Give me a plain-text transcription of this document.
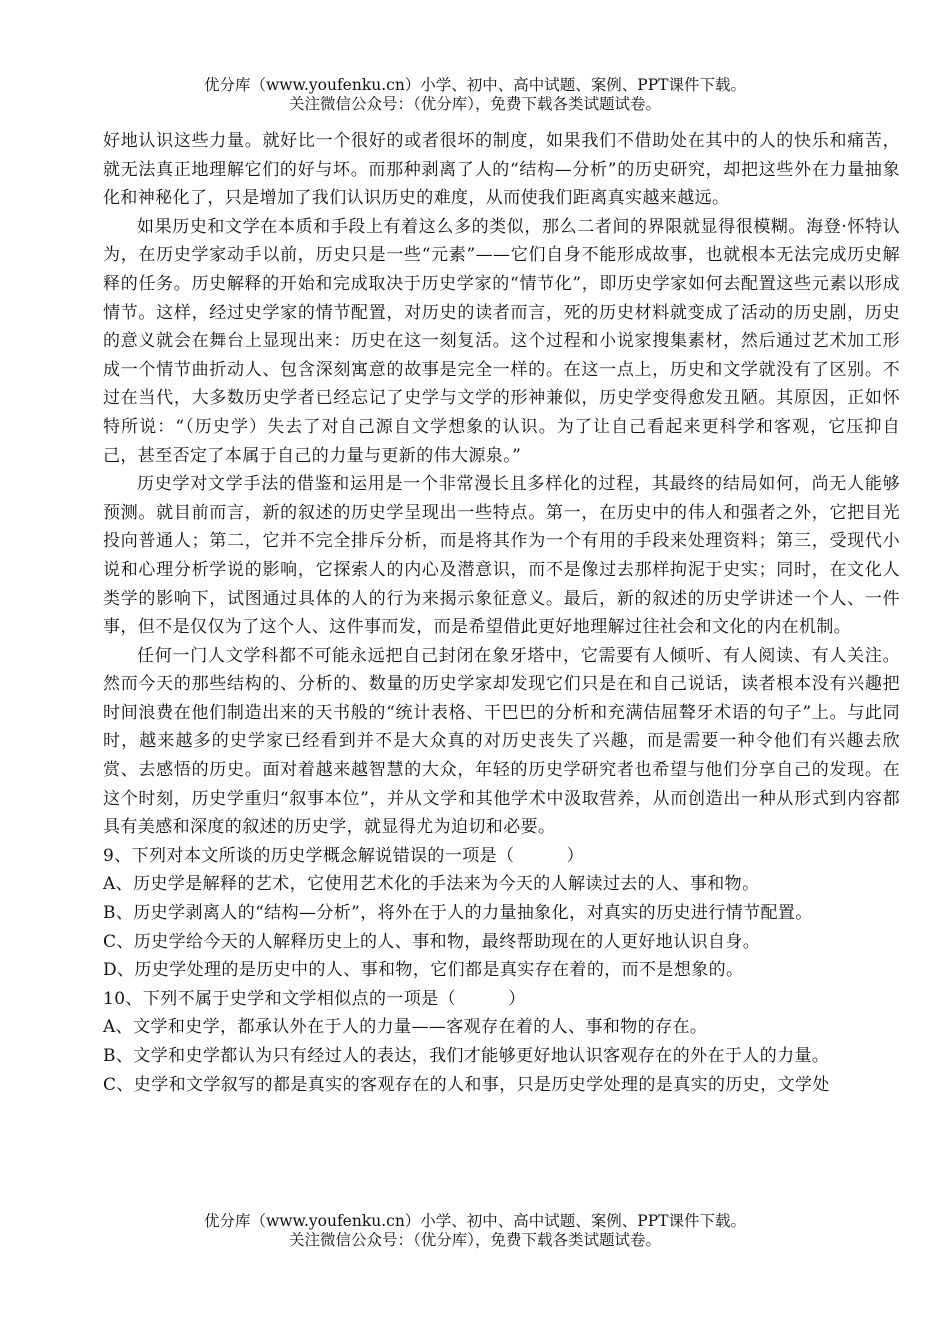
优分库（www.youfenku.cn）小学、初中、高中试题、案例、PPT课件下载。
关注微信公众号：（优分库），免费下载各类试题试卷。

好地认识这些力量。就好比一个很好的或者很坏的制度，如果我们不借助处在其中的人的快乐和痛苦，就无法真正地理解它们的好与坏。而那种剥离了人的“结构—分析”的历史研究，却把这些外在力量抽象化和神秘化了，只是增加了我们认识历史的难度，从而使我们距离真实越来越远。

如果历史和文学在本质和手段上有着这么多的类似，那么二者间的界限就显得很模糊。海登·怀特认为，在历史学家动手以前，历史只是一些“元素”——它们自身不能形成故事，也就根本无法完成历史解释的任务。历史解释的开始和完成取决于历史学家的“情节化”，即历史学家如何去配置这些元素以形成情节。这样，经过史学家的情节配置，对历史的读者而言，死的历史材料就变成了活动的历史剧，历史的意义就会在舞台上显现出来：历史在这一刻复活。这个过程和小说家搜集素材，然后通过艺术加工形成一个情节曲折动人、包含深刻寓意的故事是完全一样的。在这一点上，历史和文学就没有了区别。不过在当代，大多数历史学者已经忘记了史学与文学的形神兼似，历史学变得愈发丑陋。其原因，正如怀特所说：“（历史学）失去了对自己源自文学想象的认识。为了让自己看起来更科学和客观，它压抑自己，甚至否定了本属于自己的力量与更新的伟大源泉。”

历史学对文学手法的借鉴和运用是一个非常漫长且多样化的过程，其最终的结局如何，尚无人能够预测。就目前而言，新的叙述的历史学呈现出一些特点。第一，在历史中的伟人和强者之外，它把目光投向普通人；第二，它并不完全排斥分析，而是将其作为一个有用的手段来处理资料；第三，受现代小说和心理分析学说的影响，它探索人的内心及潜意识，而不是像过去那样拘泥于史实；同时，在文化人类学的影响下，试图通过具体的人的行为来揭示象征意义。最后，新的叙述的历史学讲述一个人、一件事，但不是仅仅为了这个人、这件事而发，而是希望借此更好地理解过往社会和文化的内在机制。

任何一门人文学科都不可能永远把自己封闭在象牙塔中，它需要有人倾听、有人阅读、有人关注。然而今天的那些结构的、分析的、数量的历史学家却发现它们只是在和自己说话，读者根本没有兴趣把时间浪费在他们制造出来的天书般的“统计表格、干巴巴的分析和充满佶屈聱牙术语的句子”上。与此同时，越来越多的史学家已经看到并不是大众真的对历史丧失了兴趣，而是需要一种令他们有兴趣去欣赏、去感悟的历史。面对着越来越智慧的大众，年轻的历史学研究者也希望与他们分享自己的发现。在这个时刻，历史学重归“叙事本位”，并从文学和其他学术中汲取营养，从而创造出一种从形式到内容都具有美感和深度的叙述的历史学，就显得尤为迫切和必要。

9、下列对本文所谈的历史学概念解说错误的一项是（　　　）

A、历史学是解释的艺术，它使用艺术化的手法来为今天的人解读过去的人、事和物。

B、历史学剥离人的“结构—分析”，将外在于人的力量抽象化，对真实的历史进行情节配置。

C、历史学给今天的人解释历史上的人、事和物，最终帮助现在的人更好地认识自身。

D、历史学处理的是历史中的人、事和物，它们都是真实存在着的，而不是想象的。

10、下列不属于史学和文学相似点的一项是（　　　）

A、文学和史学，都承认外在于人的力量——客观存在着的人、事和物的存在。

B、文学和史学都认为只有经过人的表达，我们才能够更好地认识客观存在的外在于人的力量。

C、史学和文学叙写的都是真实的客观存在的人和事，只是历史学处理的是真实的历史，文学处

优分库（www.youfenku.cn）小学、初中、高中试题、案例、PPT课件下载。
关注微信公众号：（优分库），免费下载各类试题试卷。
